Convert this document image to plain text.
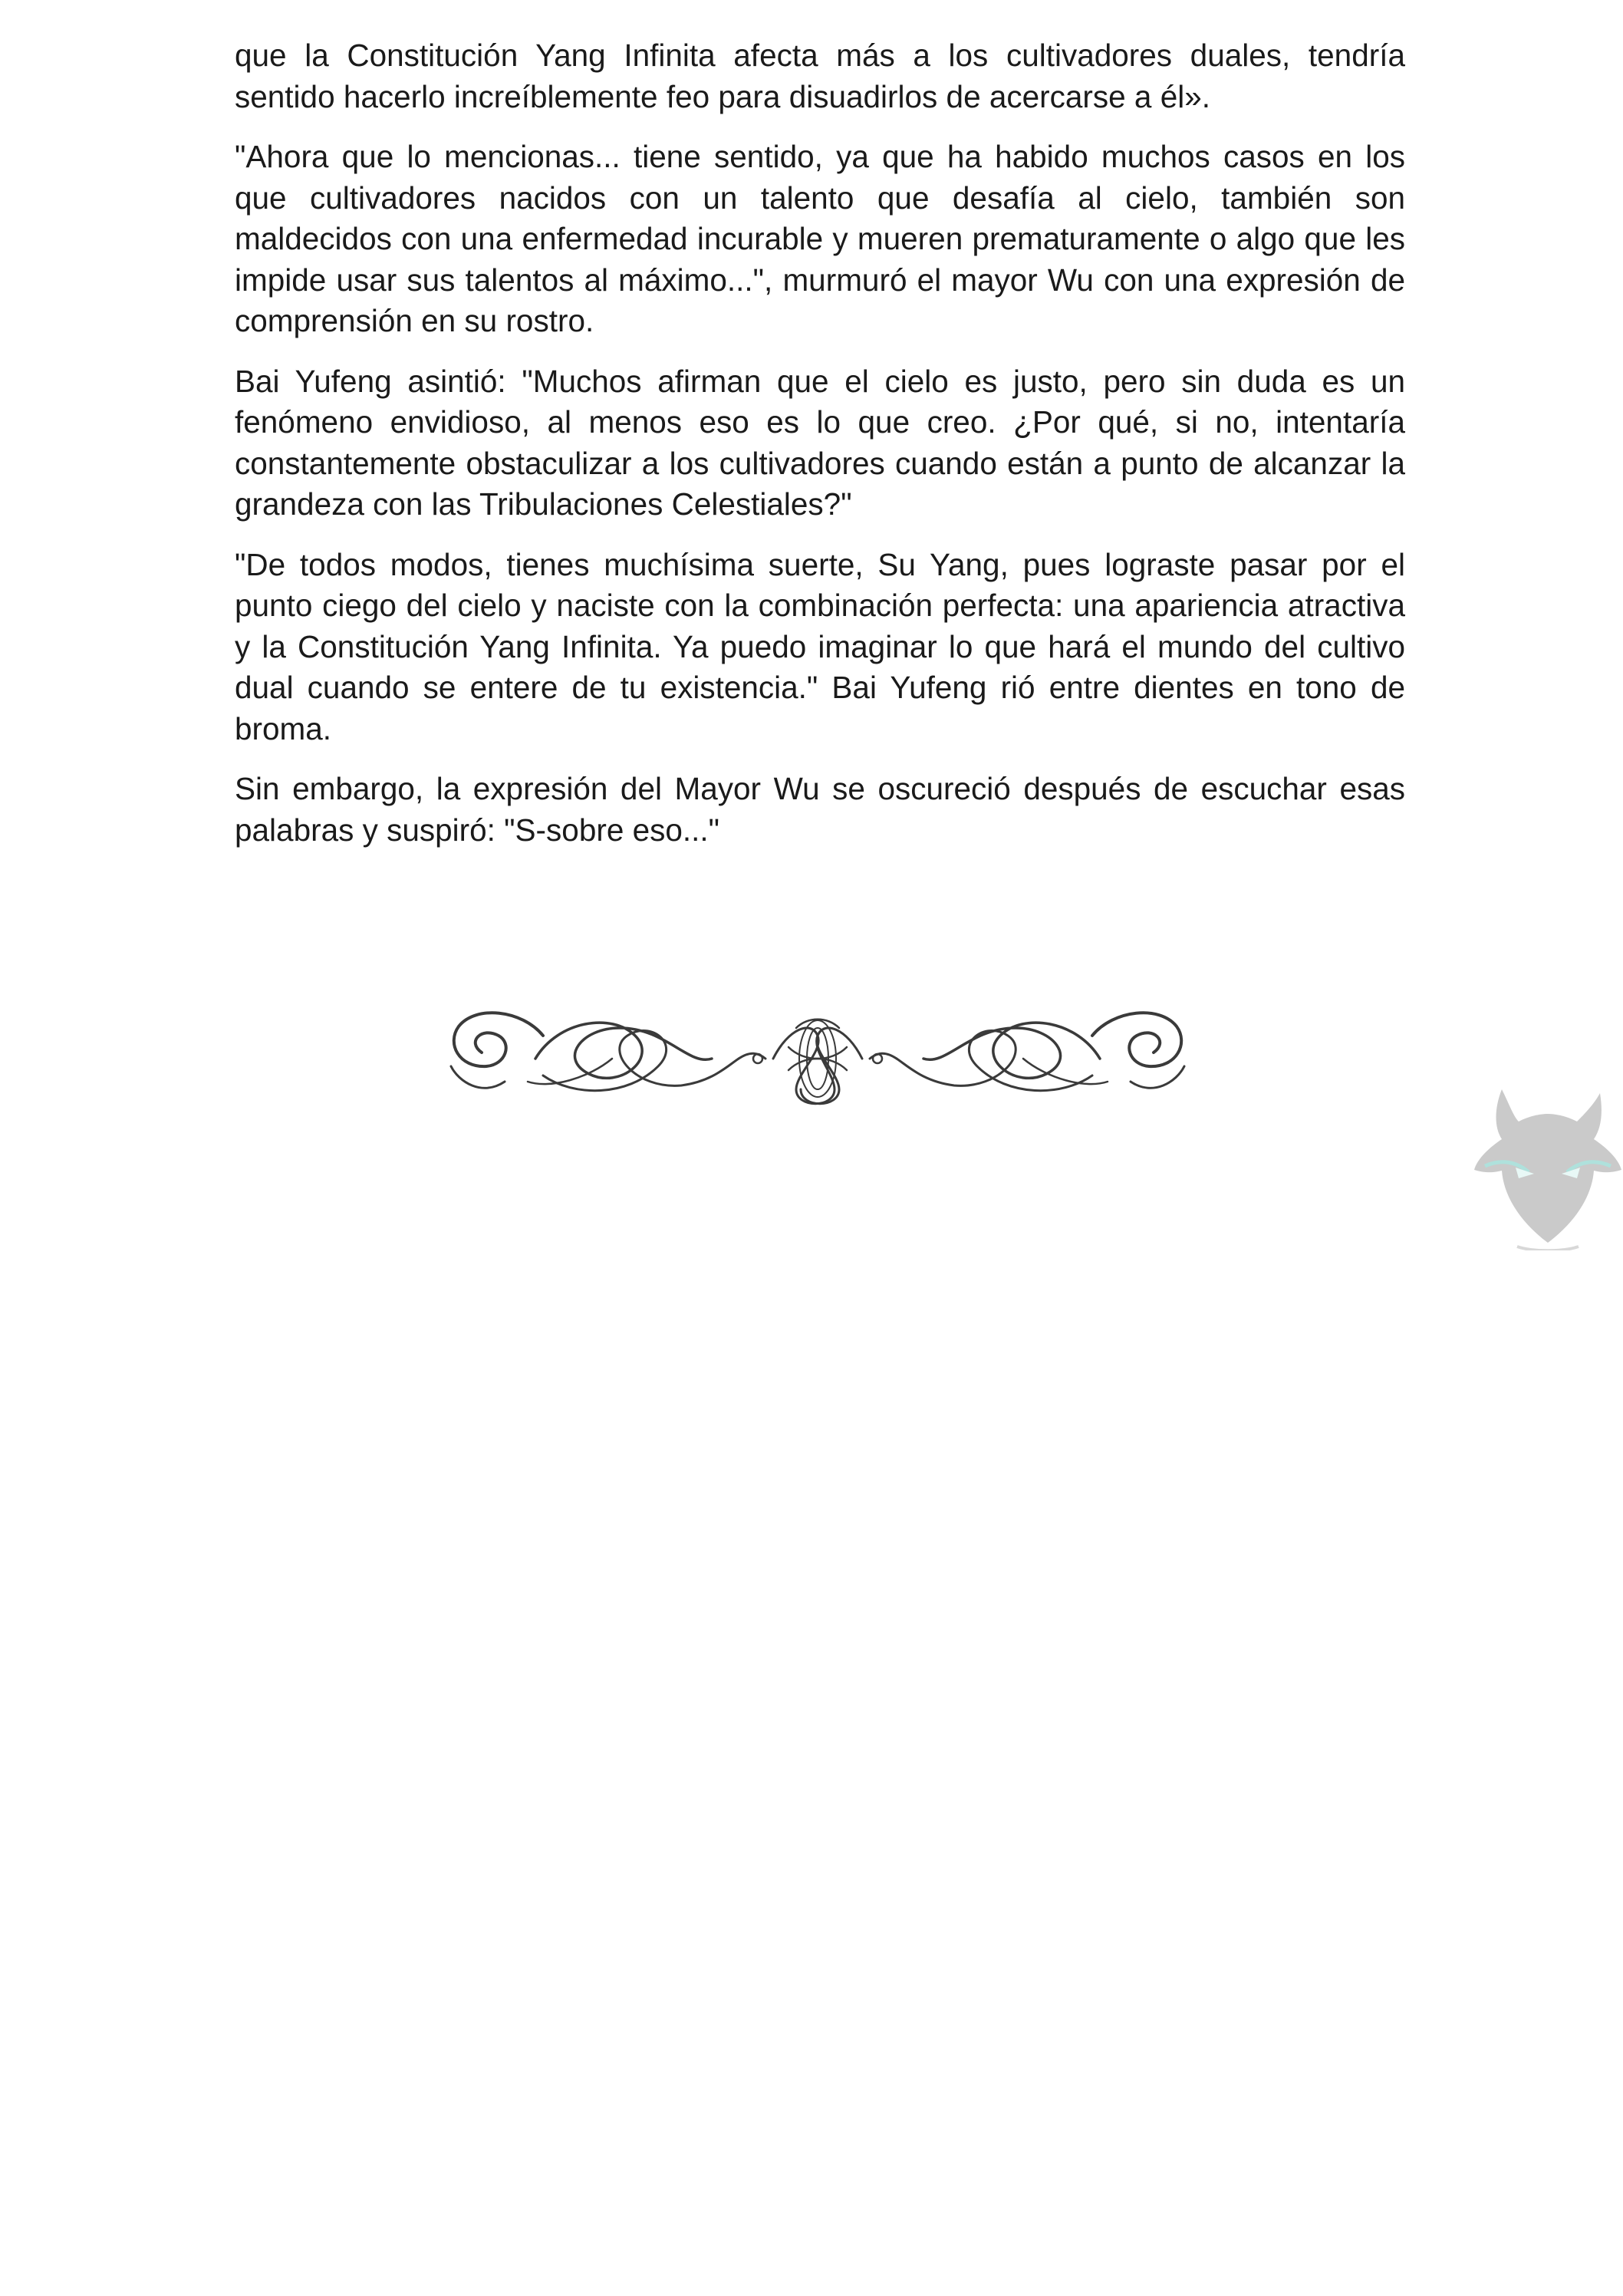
que la Constitución Yang Infinita afecta más a los cultivadores duales, tendría sentido hacerlo increíblemente feo para disuadirlos de acercarse a él».

"Ahora que lo mencionas... tiene sentido, ya que ha habido muchos casos en los que cultivadores nacidos con un talento que desafía al cielo, también son maldecidos con una enfermedad incurable y mueren prematuramente o algo que les impide usar sus talentos al máximo...", murmuró el mayor Wu con una expresión de comprensión en su rostro.

Bai Yufeng asintió: "Muchos afirman que el cielo es justo, pero sin duda es un fenómeno envidioso, al menos eso es lo que creo. ¿Por qué, si no, intentaría constantemente obstaculizar a los cultivadores cuando están a punto de alcanzar la grandeza con las Tribulaciones Celestiales?"

"De todos modos, tienes muchísima suerte, Su Yang, pues lograste pasar por el punto ciego del cielo y naciste con la combinación perfecta: una apariencia atractiva y la Constitución Yang Infinita. Ya puedo imaginar lo que hará el mundo del cultivo dual cuando se entere de tu existencia." Bai Yufeng rió entre dientes en tono de broma.

Sin embargo, la expresión del Mayor Wu se oscureció después de escuchar esas palabras y suspiró: "S-sobre eso..."
